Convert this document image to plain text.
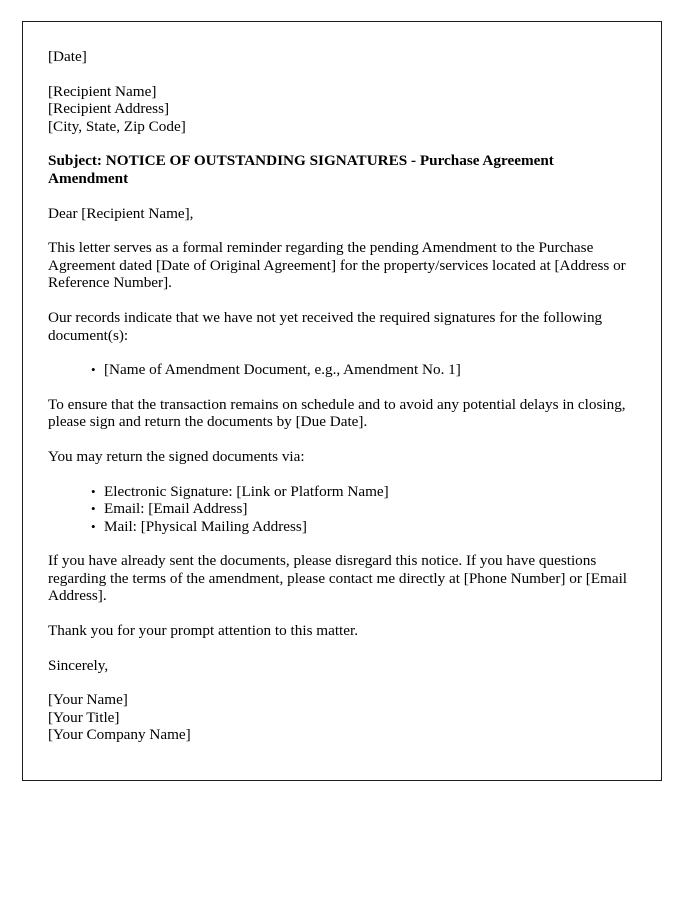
[Date]

[Recipient Name]
[Recipient Address]
[City, State, Zip Code]

Subject: NOTICE OF OUTSTANDING SIGNATURES - Purchase Agreement Amendment

Dear [Recipient Name],

This letter serves as a formal reminder regarding the pending Amendment to the Purchase Agreement dated [Date of Original Agreement] for the property/services located at [Address or Reference Number].

Our records indicate that we have not yet received the required signatures for the following document(s):

• [Name of Amendment Document, e.g., Amendment No. 1]

To ensure that the transaction remains on schedule and to avoid any potential delays in closing, please sign and return the documents by [Due Date].

You may return the signed documents via:

• Electronic Signature: [Link or Platform Name]
• Email: [Email Address]
• Mail: [Physical Mailing Address]

If you have already sent the documents, please disregard this notice. If you have questions regarding the terms of the amendment, please contact me directly at [Phone Number] or [Email Address].

Thank you for your prompt attention to this matter.

Sincerely,

[Your Name]
[Your Title]
[Your Company Name]
